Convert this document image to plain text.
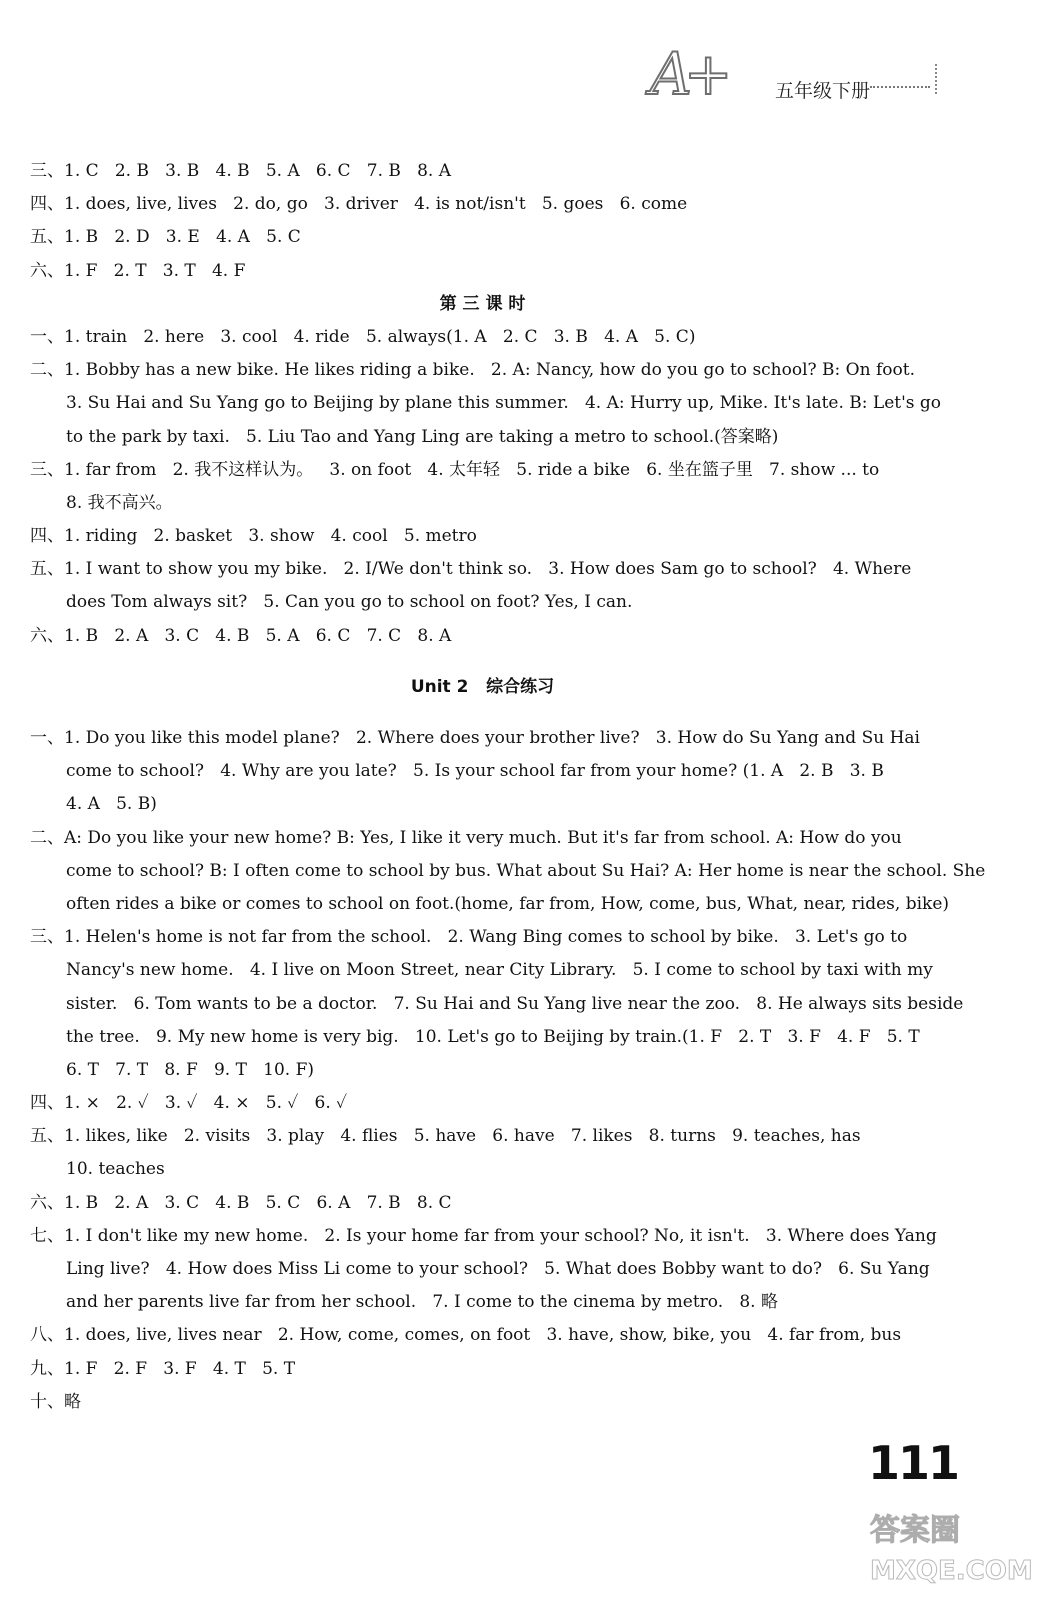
A+	五年级下册
三、1. C   2. B   3. B   4. B   5. A   6. C   7. B   8. A
四、1. does, live, lives   2. do, go   3. driver   4. is not/isn't   5. goes   6. come
五、1. B   2. D   3. E   4. A   5. C
六、1. F   2. T   3. T   4. F
第 三 课 时
一、1. train   2. here   3. cool   4. ride   5. always(1. A   2. C   3. B   4. A   5. C)
二、1. Bobby has a new bike. He likes riding a bike.   2. A: Nancy, how do you go to school? B: On foot.
3. Su Hai and Su Yang go to Beijing by plane this summer.   4. A: Hurry up, Mike. It's late. B: Let's go
to the park by taxi.   5. Liu Tao and Yang Ling are taking a metro to school.(答案略)
三、1. far from   2. 我不这样认为。   3. on foot   4. 太年轻   5. ride a bike   6. 坐在篮子里   7. show ... to
8. 我不高兴。
四、1. riding   2. basket   3. show   4. cool   5. metro
五、1. I want to show you my bike.   2. I/We don't think so.   3. How does Sam go to school?   4. Where
does Tom always sit?   5. Can you go to school on foot? Yes, I can.
六、1. B   2. A   3. C   4. B   5. A   6. C   7. C   8. A
Unit 2   综合练习
一、1. Do you like this model plane?   2. Where does your brother live?   3. How do Su Yang and Su Hai
come to school?   4. Why are you late?   5. Is your school far from your home? (1. A   2. B   3. B
4. A   5. B)
二、A: Do you like your new home? B: Yes, I like it very much. But it's far from school. A: How do you
come to school? B: I often come to school by bus. What about Su Hai? A: Her home is near the school. She
often rides a bike or comes to school on foot.(home, far from, How, come, bus, What, near, rides, bike)
三、1. Helen's home is not far from the school.   2. Wang Bing comes to school by bike.   3. Let's go to
Nancy's new home.   4. I live on Moon Street, near City Library.   5. I come to school by taxi with my
sister.   6. Tom wants to be a doctor.   7. Su Hai and Su Yang live near the zoo.   8. He always sits beside
the tree.   9. My new home is very big.   10. Let's go to Beijing by train.(1. F   2. T   3. F   4. F   5. T
6. T   7. T   8. F   9. T   10. F)
四、1. ×   2. ✓   3. ✓   4. ×   5. ✓   6. ✓
五、1. likes, like   2. visits   3. play   4. flies   5. have   6. have   7. likes   8. turns   9. teaches, has
10. teaches
六、1. B   2. A   3. C   4. B   5. C   6. A   7. B   8. C
七、1. I don't like my new home.   2. Is your home far from your school? No, it isn't.   3. Where does Yang
Ling live?   4. How does Miss Li come to your school?   5. What does Bobby want to do?   6. Su Yang
and her parents live far from her school.   7. I come to the cinema by metro.   8. 略
八、1. does, live, lives near   2. How, come, comes, on foot   3. have, show, bike, you   4. far from, bus
九、1. F   2. F   3. F   4. T   5. T
十、略
111
答案圈
MXQE.COM
